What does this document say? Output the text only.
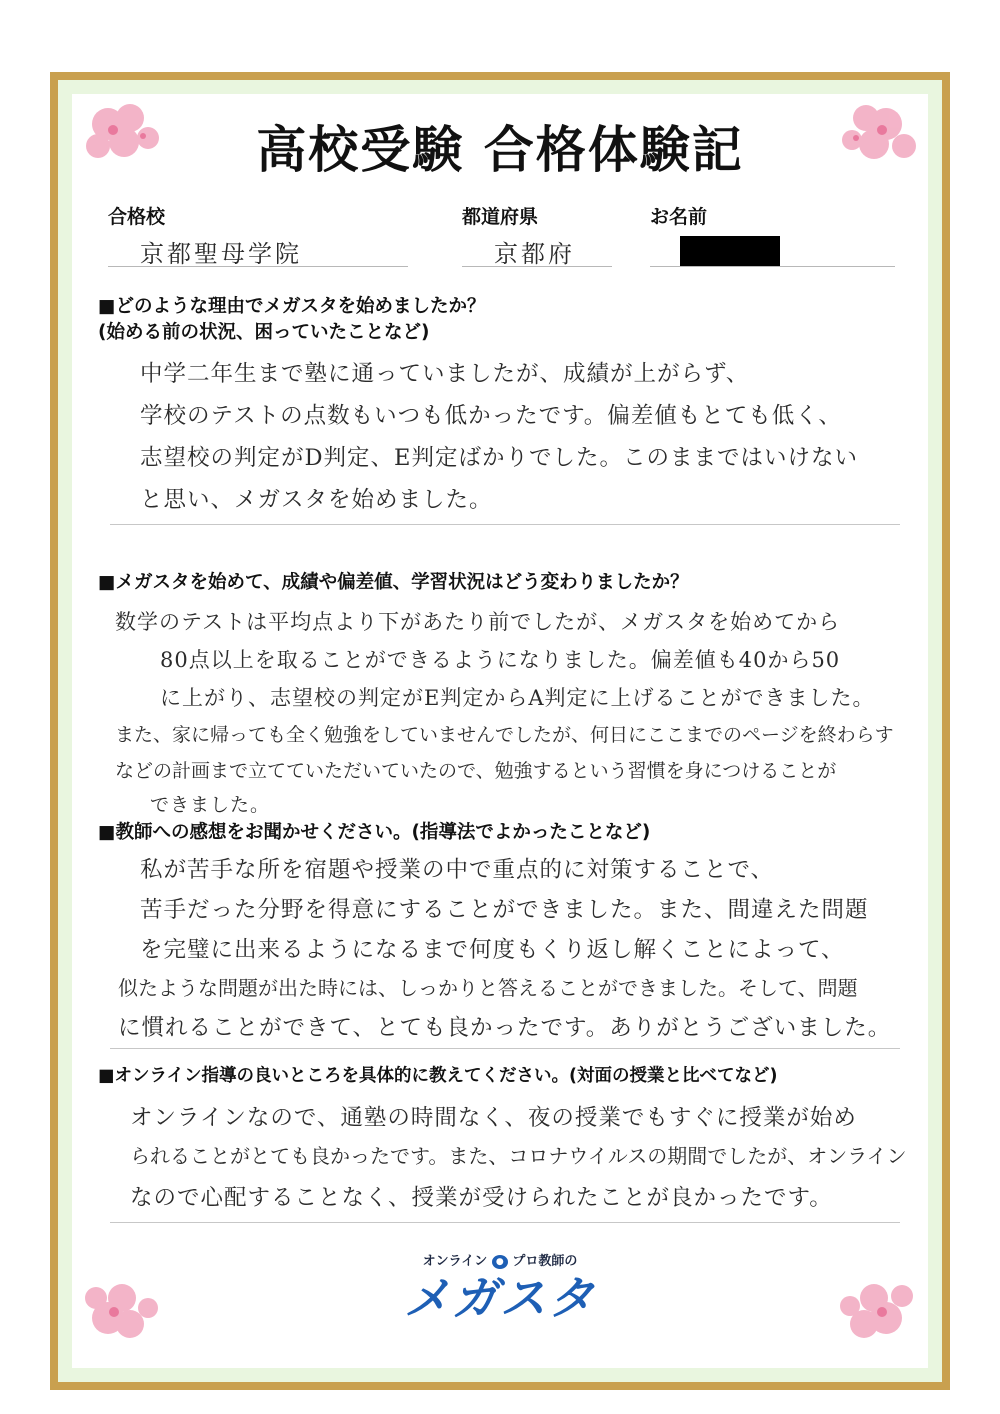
高校受験 合格体験記
合格校
京都聖母学院
都道府県
京都府
お名前
■どのような理由でメガスタを始めましたか？
(始める前の状況、困っていたことなど)
中学二年生まで塾に通っていましたが、成績が上がらず、
学校のテストの点数もいつも低かったです。偏差値もとても低く、
志望校の判定がD判定、E判定ばかりでした。このままではいけない
と思い、メガスタを始めました。
■メガスタを始めて、成績や偏差値、学習状況はどう変わりましたか？
数学のテストは平均点より下があたり前でしたが、メガスタを始めてから
80点以上を取ることができるようになりました。偏差値も40から50
に上がり、志望校の判定がE判定からA判定に上げることができました。
また、家に帰っても全く勉強をしていませんでしたが、何日にここまでのページを終わらす
などの計画まで立てていただいていたので、勉強するという習慣を身につけることが
できました。
■教師への感想をお聞かせください。(指導法でよかったことなど)
私が苦手な所を宿題や授業の中で重点的に対策することで、
苦手だった分野を得意にすることができました。また、間違えた問題
を完璧に出来るようになるまで何度もくり返し解くことによって、
似たような問題が出た時には、しっかりと答えることができました。そして、問題
に慣れることができて、とても良かったです。ありがとうございました。
■オンライン指導の良いところを具体的に教えてください。(対面の授業と比べてなど)
オンラインなので、通塾の時間なく、夜の授業でもすぐに授業が始め
られることがとても良かったです。また、コロナウイルスの期間でしたが、オンライン
なので心配することなく、授業が受けられたことが良かったです。
オンライン ● プロ教師の
メガスタ
